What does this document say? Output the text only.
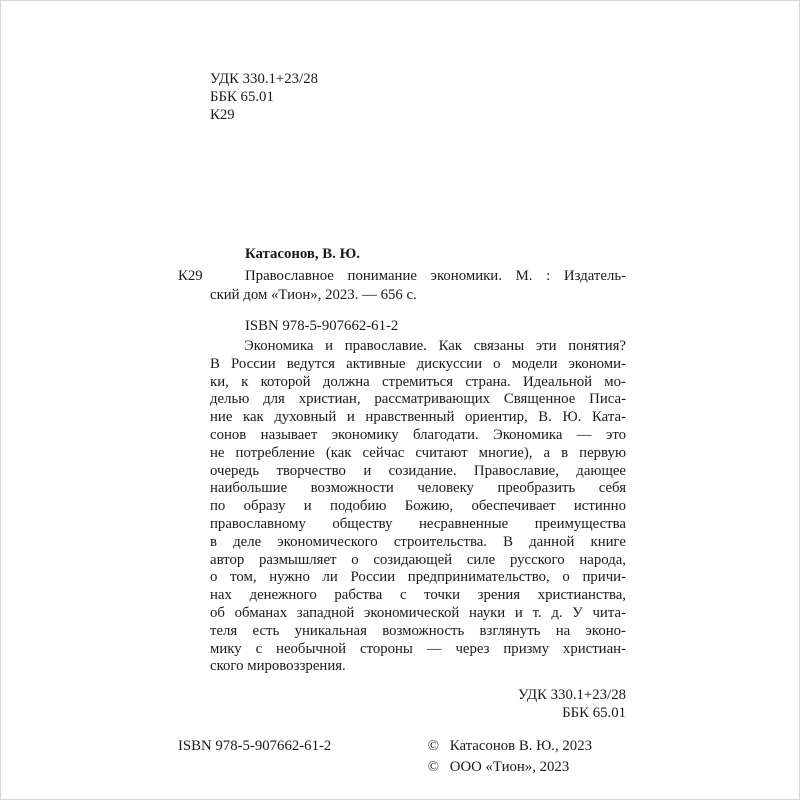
УДК 330.1+23/28
ББК 65.01
К29
Катасонов, В. Ю.
К29	Православное понимание экономики. М. : Издатель-
ский дом «Тион», 2023. — 656 с.
ISBN 978-5-907662-61-2
Экономика и православие. Как связаны эти понятия?
В России ведутся активные дискуссии о модели экономи-
ки, к которой должна стремиться страна. Идеальной мо-
делью для христиан, рассматривающих Священное Писа-
ние как духовный и нравственный ориентир, В. Ю. Ката-
сонов называет экономику благодати. Экономика — это
не потребление (как сейчас считают многие), а в первую
очередь творчество и созидание. Православие, дающее
наибольшие возможности человеку преобразить себя
по образу и подобию Божию, обеспечивает истинно
православному обществу несравненные преимущества
в деле экономического строительства. В данной книге
автор размышляет о созидающей силе русского народа,
о том, нужно ли России предпринимательство, о причи-
нах денежного рабства с точки зрения христианства,
об обманах западной экономической науки и т. д. У чита-
теля есть уникальная возможность взглянуть на эконо-
мику с необычной стороны — через призму христиан-
ского мировоззрения.
УДК 330.1+23/28
ББК 65.01
ISBN 978-5-907662-61-2	© Катасонов В. Ю., 2023
© ООО «Тион», 2023
